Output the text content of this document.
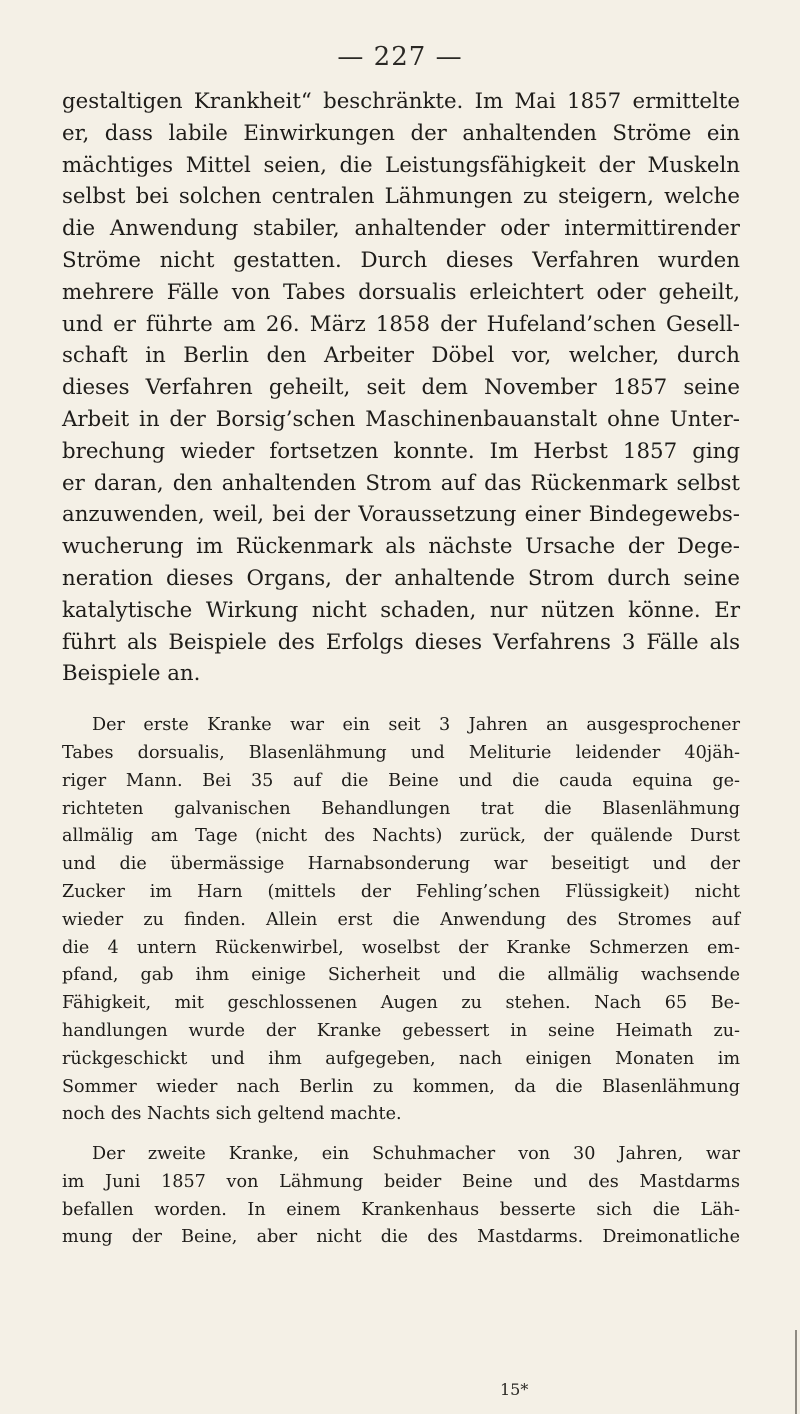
— 227 —

gestaltigen Krankheit“ beschränkte. Im Mai 1857 ermittelte

er, dass labile Einwirkungen der anhaltenden Ströme ein

mächtiges Mittel seien, die Leistungsfähigkeit der Muskeln

selbst bei solchen centralen Lähmungen zu steigern, welche

die Anwendung stabiler, anhaltender oder intermittirender

Ströme nicht gestatten. Durch dieses Verfahren wurden

mehrere Fälle von Tabes dorsualis erleichtert oder geheilt,

und er führte am 26. März 1858 der Hufeland’schen Gesell-

schaft in Berlin den Arbeiter Döbel vor, welcher, durch

dieses Verfahren geheilt, seit dem November 1857 seine

Arbeit in der Borsig’schen Maschinenbauanstalt ohne Unter-

brechung wieder fortsetzen konnte. Im Herbst 1857 ging

er daran, den anhaltenden Strom auf das Rückenmark selbst

anzuwenden, weil, bei der Voraussetzung einer Bindegewebs-

wucherung im Rückenmark als nächste Ursache der Dege-

neration dieses Organs, der anhaltende Strom durch seine

katalytische Wirkung nicht schaden, nur nützen könne. Er

führt als Beispiele des Erfolgs dieses Verfahrens 3 Fälle als

Beispiele an.

Der erste Kranke war ein seit 3 Jahren an ausgesprochener

Tabes dorsualis, Blasenlähmung und Meliturie leidender 40jäh-

riger Mann. Bei 35 auf die Beine und die cauda equina ge-

richteten galvanischen Behandlungen trat die Blasenlähmung

allmälig am Tage (nicht des Nachts) zurück, der quälende Durst

und die übermässige Harnabsonderung war beseitigt und der

Zucker im Harn (mittels der Fehling’schen Flüssigkeit) nicht

wieder zu finden. Allein erst die Anwendung des Stromes auf

die 4 untern Rückenwirbel, woselbst der Kranke Schmerzen em-

pfand, gab ihm einige Sicherheit und die allmälig wachsende

Fähigkeit, mit geschlossenen Augen zu stehen. Nach 65 Be-

handlungen wurde der Kranke gebessert in seine Heimath zu-

rückgeschickt und ihm aufgegeben, nach einigen Monaten im

Sommer wieder nach Berlin zu kommen, da die Blasenlähmung

noch des Nachts sich geltend machte.

Der zweite Kranke, ein Schuhmacher von 30 Jahren, war

im Juni 1857 von Lähmung beider Beine und des Mastdarms

befallen worden. In einem Krankenhaus besserte sich die Läh-

mung der Beine, aber nicht die des Mastdarms. Dreimonatliche

15*
